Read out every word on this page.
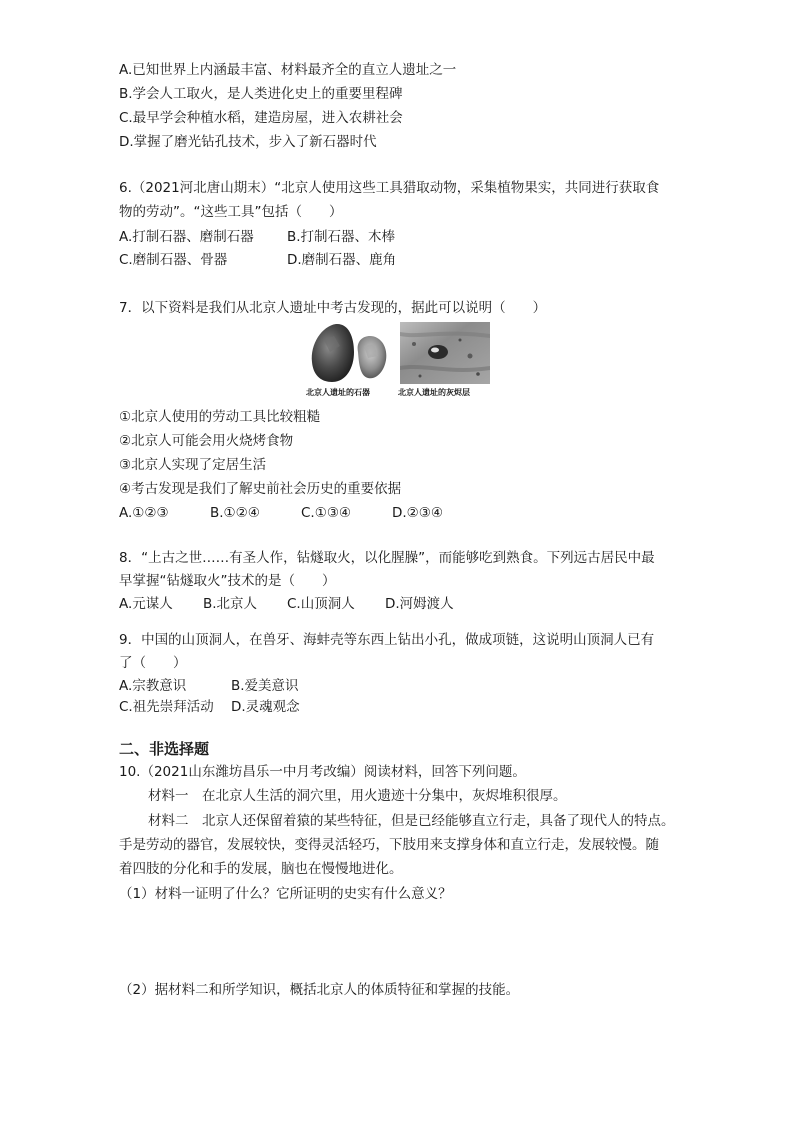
A.已知世界上内涵最丰富、材料最齐全的直立人遗址之一
B.学会人工取火，是人类进化史上的重要里程碑
C.最早学会种植水稻，建造房屋，进入农耕社会
D.掌握了磨光钻孔技术，步入了新石器时代
6.（2021河北唐山期末）“北京人使用这些工具猎取动物，采集植物果实，共同进行获取食
物的劳动”。“这些工具”包括（　　）
A.打制石器、磨制石器 B.打制石器、木棒
C.磨制石器、骨器	D.磨制石器、鹿角
7．以下资料是我们从北京人遗址中考古发现的，据此可以说明（　　）
北京人遗址的石器	北京人遗址的灰烬层
①北京人使用的劳动工具比较粗糙
②北京人可能会用火烧烤食物
③北京人实现了定居生活
④考古发现是我们了解史前社会历史的重要依据
A.①②③	B.①②④	C.①③④	D.②③④
8．“上古之世……有圣人作，钻燧取火，以化腥臊”，而能够吃到熟食。下列远古居民中最
早掌握“钻燧取火”技术的是（　　）
A.元谋人 B.北京人 C.山顶洞人 D.河姆渡人
9．中国的山顶洞人，在兽牙、海蚌壳等东西上钻出小孔，做成项链，这说明山顶洞人已有
了（　　）
A.宗教意识	B.爱美意识
C.祖先崇拜活动 D.灵魂观念
二、非选择题
10.（2021山东潍坊昌乐一中月考改编）阅读材料，回答下列问题。
材料一　在北京人生活的洞穴里，用火遗迹十分集中，灰烬堆积很厚。
材料二　北京人还保留着猿的某些特征，但是已经能够直立行走，具备了现代人的特点。
手是劳动的器官，发展较快，变得灵活轻巧，下肢用来支撑身体和直立行走，发展较慢。随
着四肢的分化和手的发展，脑也在慢慢地进化。
（1）材料一证明了什么？它所证明的史实有什么意义？
（2）据材料二和所学知识，概括北京人的体质特征和掌握的技能。
